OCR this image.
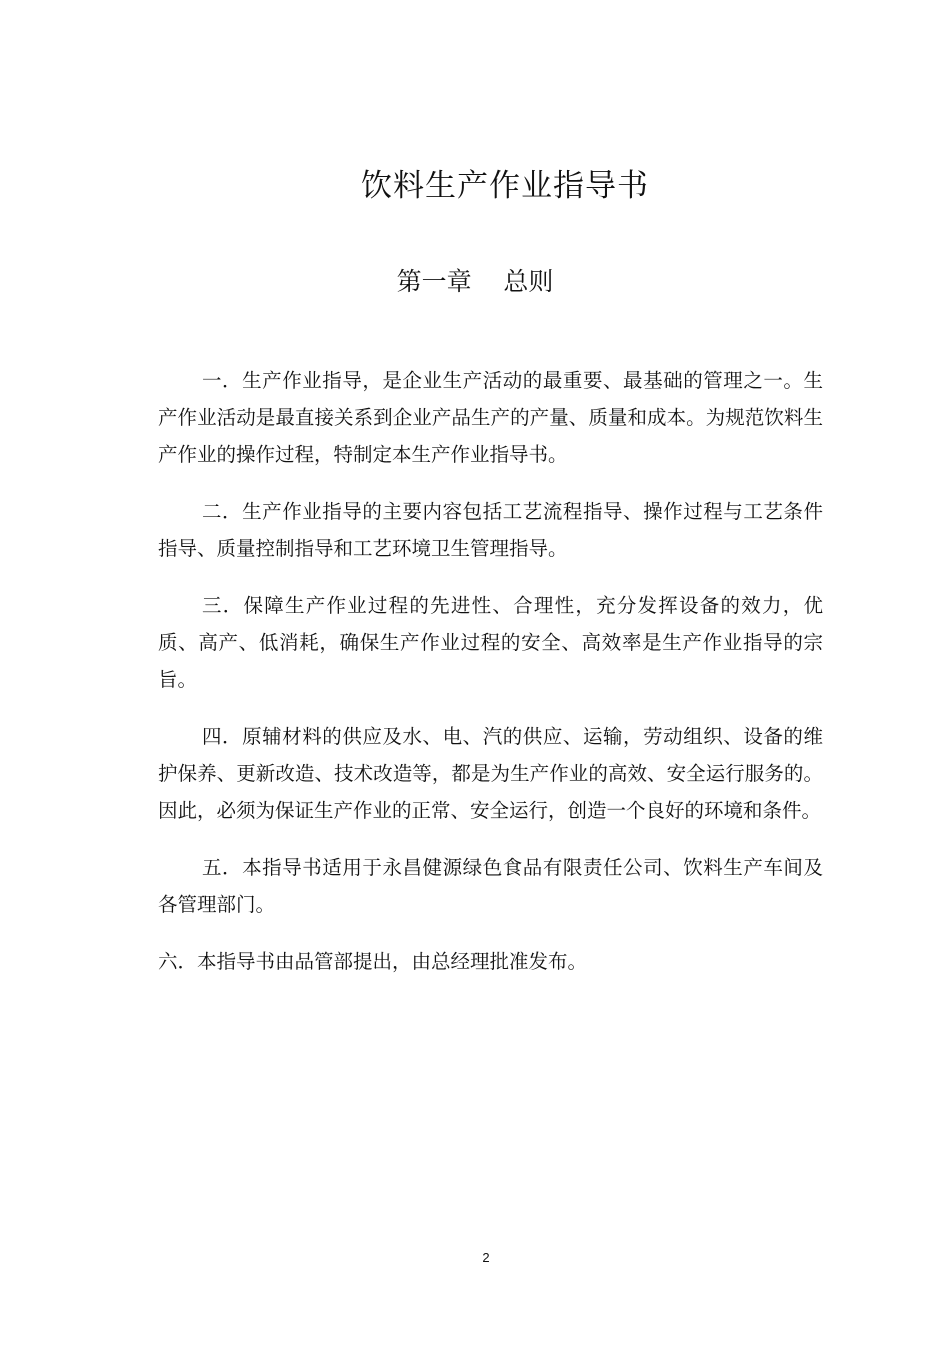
饮料生产作业指导书
第一章    总则

一．生产作业指导，是企业生产活动的最重要、最基础的管理之一。生产作业活动是最直接关系到企业产品生产的产量、质量和成本。为规范饮料生产作业的操作过程，特制定本生产作业指导书。

二．生产作业指导的主要内容包括工艺流程指导、操作过程与工艺条件指导、质量控制指导和工艺环境卫生管理指导。

三．保障生产作业过程的先进性、合理性，充分发挥设备的效力，优质、高产、低消耗，确保生产作业过程的安全、高效率是生产作业指导的宗旨。

四．原辅材料的供应及水、电、汽的供应、运输，劳动组织、设备的维护保养、更新改造、技术改造等，都是为生产作业的高效、安全运行服务的。因此，必须为保证生产作业的正常、安全运行，创造一个良好的环境和条件。

五．本指导书适用于永昌健源绿色食品有限责任公司、饮料生产车间及各管理部门。

六．本指导书由品管部提出，由总经理批准发布。

2
